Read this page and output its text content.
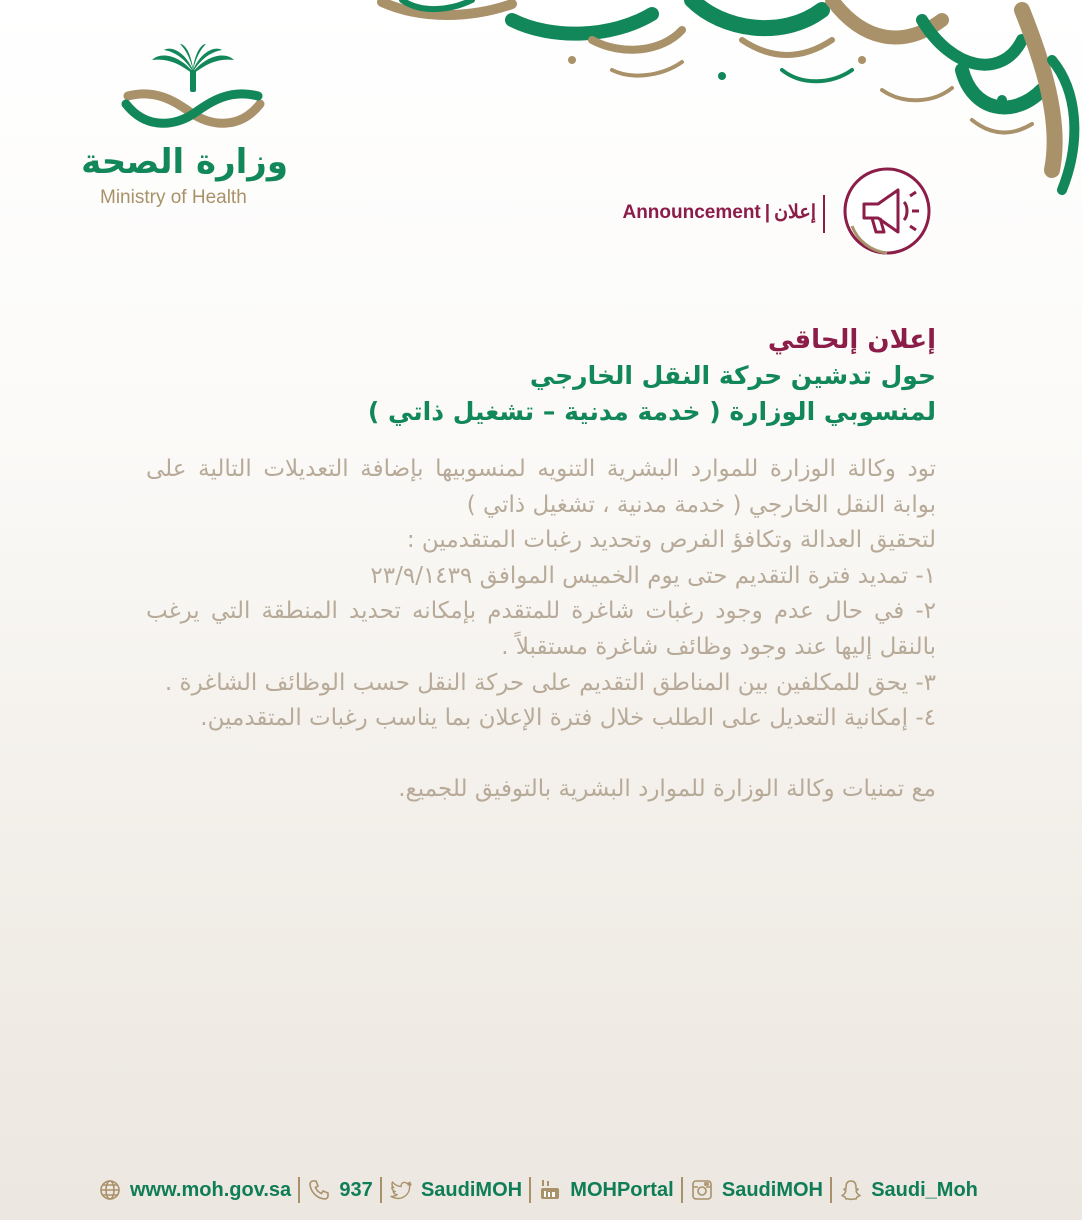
وزارة الصحة
Ministry of Health
Announcement | إعلان
إعلان إلحاقي
حول تدشين حركة النقل الخارجي
لمنسوبي الوزارة ( خدمة مدنية – تشغيل ذاتي )

تود وكالة الوزارة للموارد البشرية التنويه لمنسوبيها بإضافة التعديلات التالية على بوابة النقل الخارجي ( خدمة مدنية ، تشغيل ذاتي )

لتحقيق العدالة وتكافؤ الفرص وتحديد رغبات المتقدمين :

١- تمديد فترة التقديم حتى يوم الخميس الموافق ٢٣/٩/١٤٣٩

٢- في حال عدم وجود رغبات شاغرة للمتقدم بإمكانه تحديد المنطقة التي يرغب بالنقل إليها عند وجود وظائف شاغرة مستقبلاً .

٣- يحق للمكلفين بين المناطق التقديم على حركة النقل حسب الوظائف الشاغرة .

٤- إمكانية التعديل على الطلب خلال فترة الإعلان بما يناسب رغبات المتقدمين.

مع تمنيات وكالة الوزارة للموارد البشرية بالتوفيق للجميع.

www.moh.gov.sa 937 SaudiMOH MOHPortal SaudiMOH Saudi_Moh
